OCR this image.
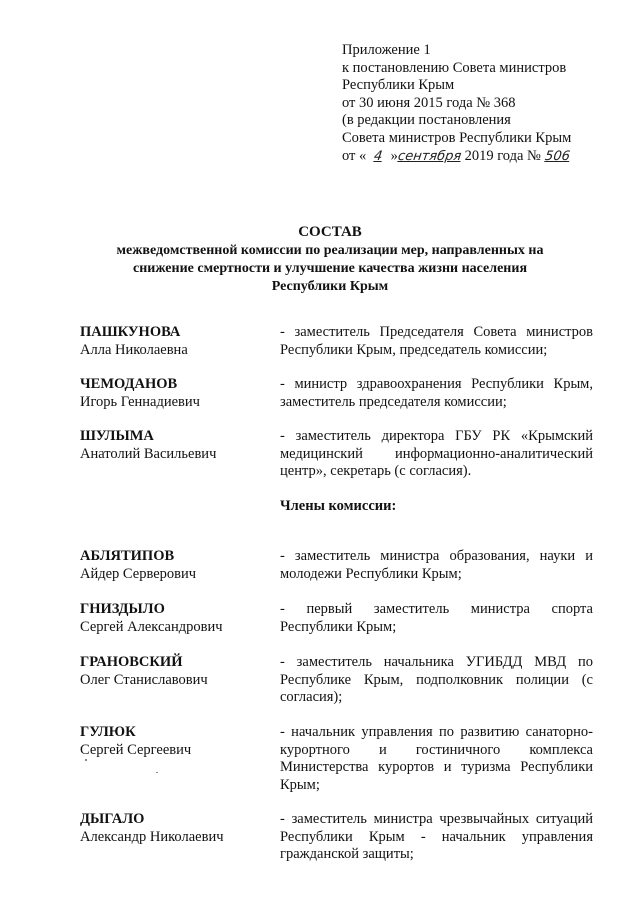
Приложение 1
к постановлению Совета министров
Республики Крым
от 30 июня 2015 года № 368
(в редакции постановления
Совета министров Республики Крым
от « 4 »сентября 2019 года № 506
СОСТАВ
межведомственной комиссии по реализации мер, направленных на
снижение смертности и улучшение качества жизни населения
Республики Крым
ПАШКУНОВА
Алла Николаевна
- заместитель Председателя Совета министров Республики Крым, председатель комиссии;
ЧЕМОДАНОВ
Игорь Геннадиевич
- министр здравоохранения Республики Крым, заместитель председателя комиссии;
ШУЛЫМА
Анатолий Васильевич
- заместитель директора ГБУ РК «Крымский медицинский информационно-аналитический центр», секретарь (с согласия).
Члены комиссии:
АБЛЯТИПОВ
Айдер Серверович
- заместитель министра образования, науки и молодежи Республики Крым;
ГНИЗДЫЛО
Сергей Александрович
- первый заместитель министра спорта Республики Крым;
ГРАНОВСКИЙ
Олег Станиславович
- заместитель начальника УГИБДД МВД по Республике Крым, подполковник полиции (с согласия);
ГУЛЮК
Сергей Сергеевич
- начальник управления по развитию санаторно-курортного и гостиничного комплекса Министерства курортов и туризма Республики Крым;
ДЫГАЛО
Александр Николаевич
- заместитель министра чрезвычайных ситуаций Республики Крым - начальник управления гражданской защиты;
